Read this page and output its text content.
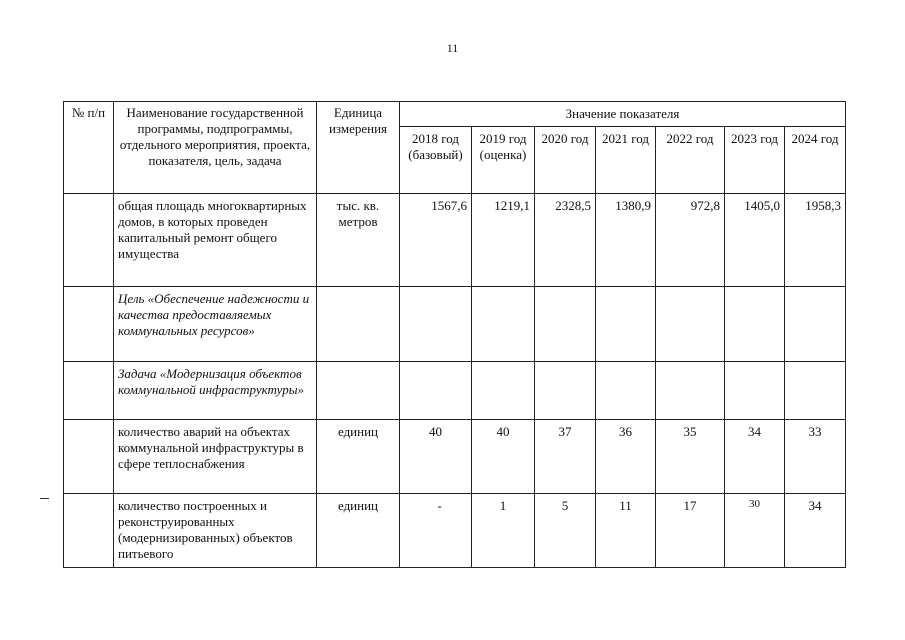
11
№ п/п	Наименование государственной программы, подпрограммы, отдельного мероприятия, проекта, показателя, цель, задача	Единица измерения	Значение показателя						
			2018 год (базовый)	2019 год (оценка)	2020 год	2021 год	2022 год	2023 год	2024 год
	общая площадь многоквартирных домов, в которых проведен капитальный ремонт общего имущества	тыс. кв. метров	1567,6	1219,1	2328,5	1380,9	972,8	1405,0	1958,3
	Цель «Обеспечение надежности и качества предоставляемых коммунальных ресурсов»								
	Задача «Модернизация объектов коммунальной инфраструктуры»								
	количество аварий на объектах коммунальной инфраструктуры в сфере теплоснабжения	единиц	40	40	37	36	35	34	33
	количество построенных и реконструированных (модернизированных) объектов питьевого	единиц	-	1	5	11	17	30	34
